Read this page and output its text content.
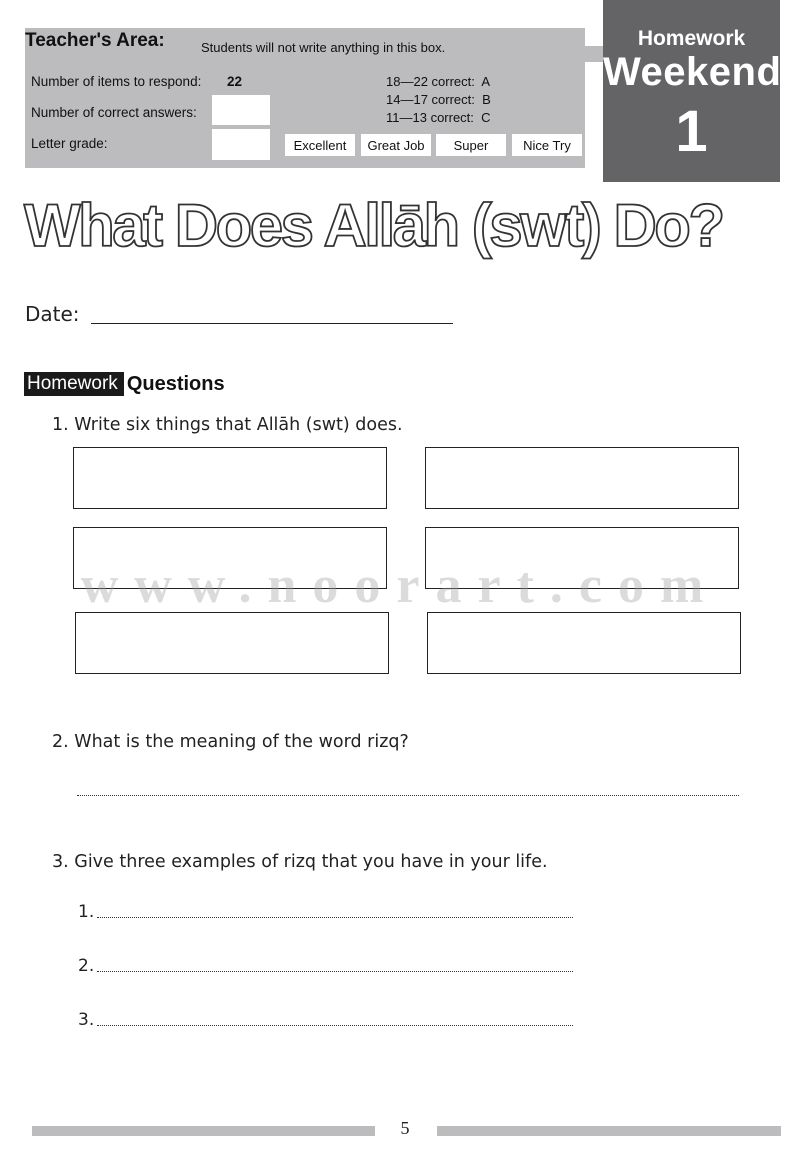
Teacher's Area:	Students will not write anything in this box.
Number of items to respond: 22
Number of correct answers:
Letter grade:
18—22 correct: A
14—17 correct: B
11—13 correct: C
Excellent	Great Job	Super	Nice Try
Homework
Weekend
1
What Does Allāh (swt) Do?
Date:
Homework Questions
1. Write six things that Allāh (swt) does.
www.noorart.com
2. What is the meaning of the word rizq?
3. Give three examples of rizq that you have in your life.
1.
2.
3.
5
